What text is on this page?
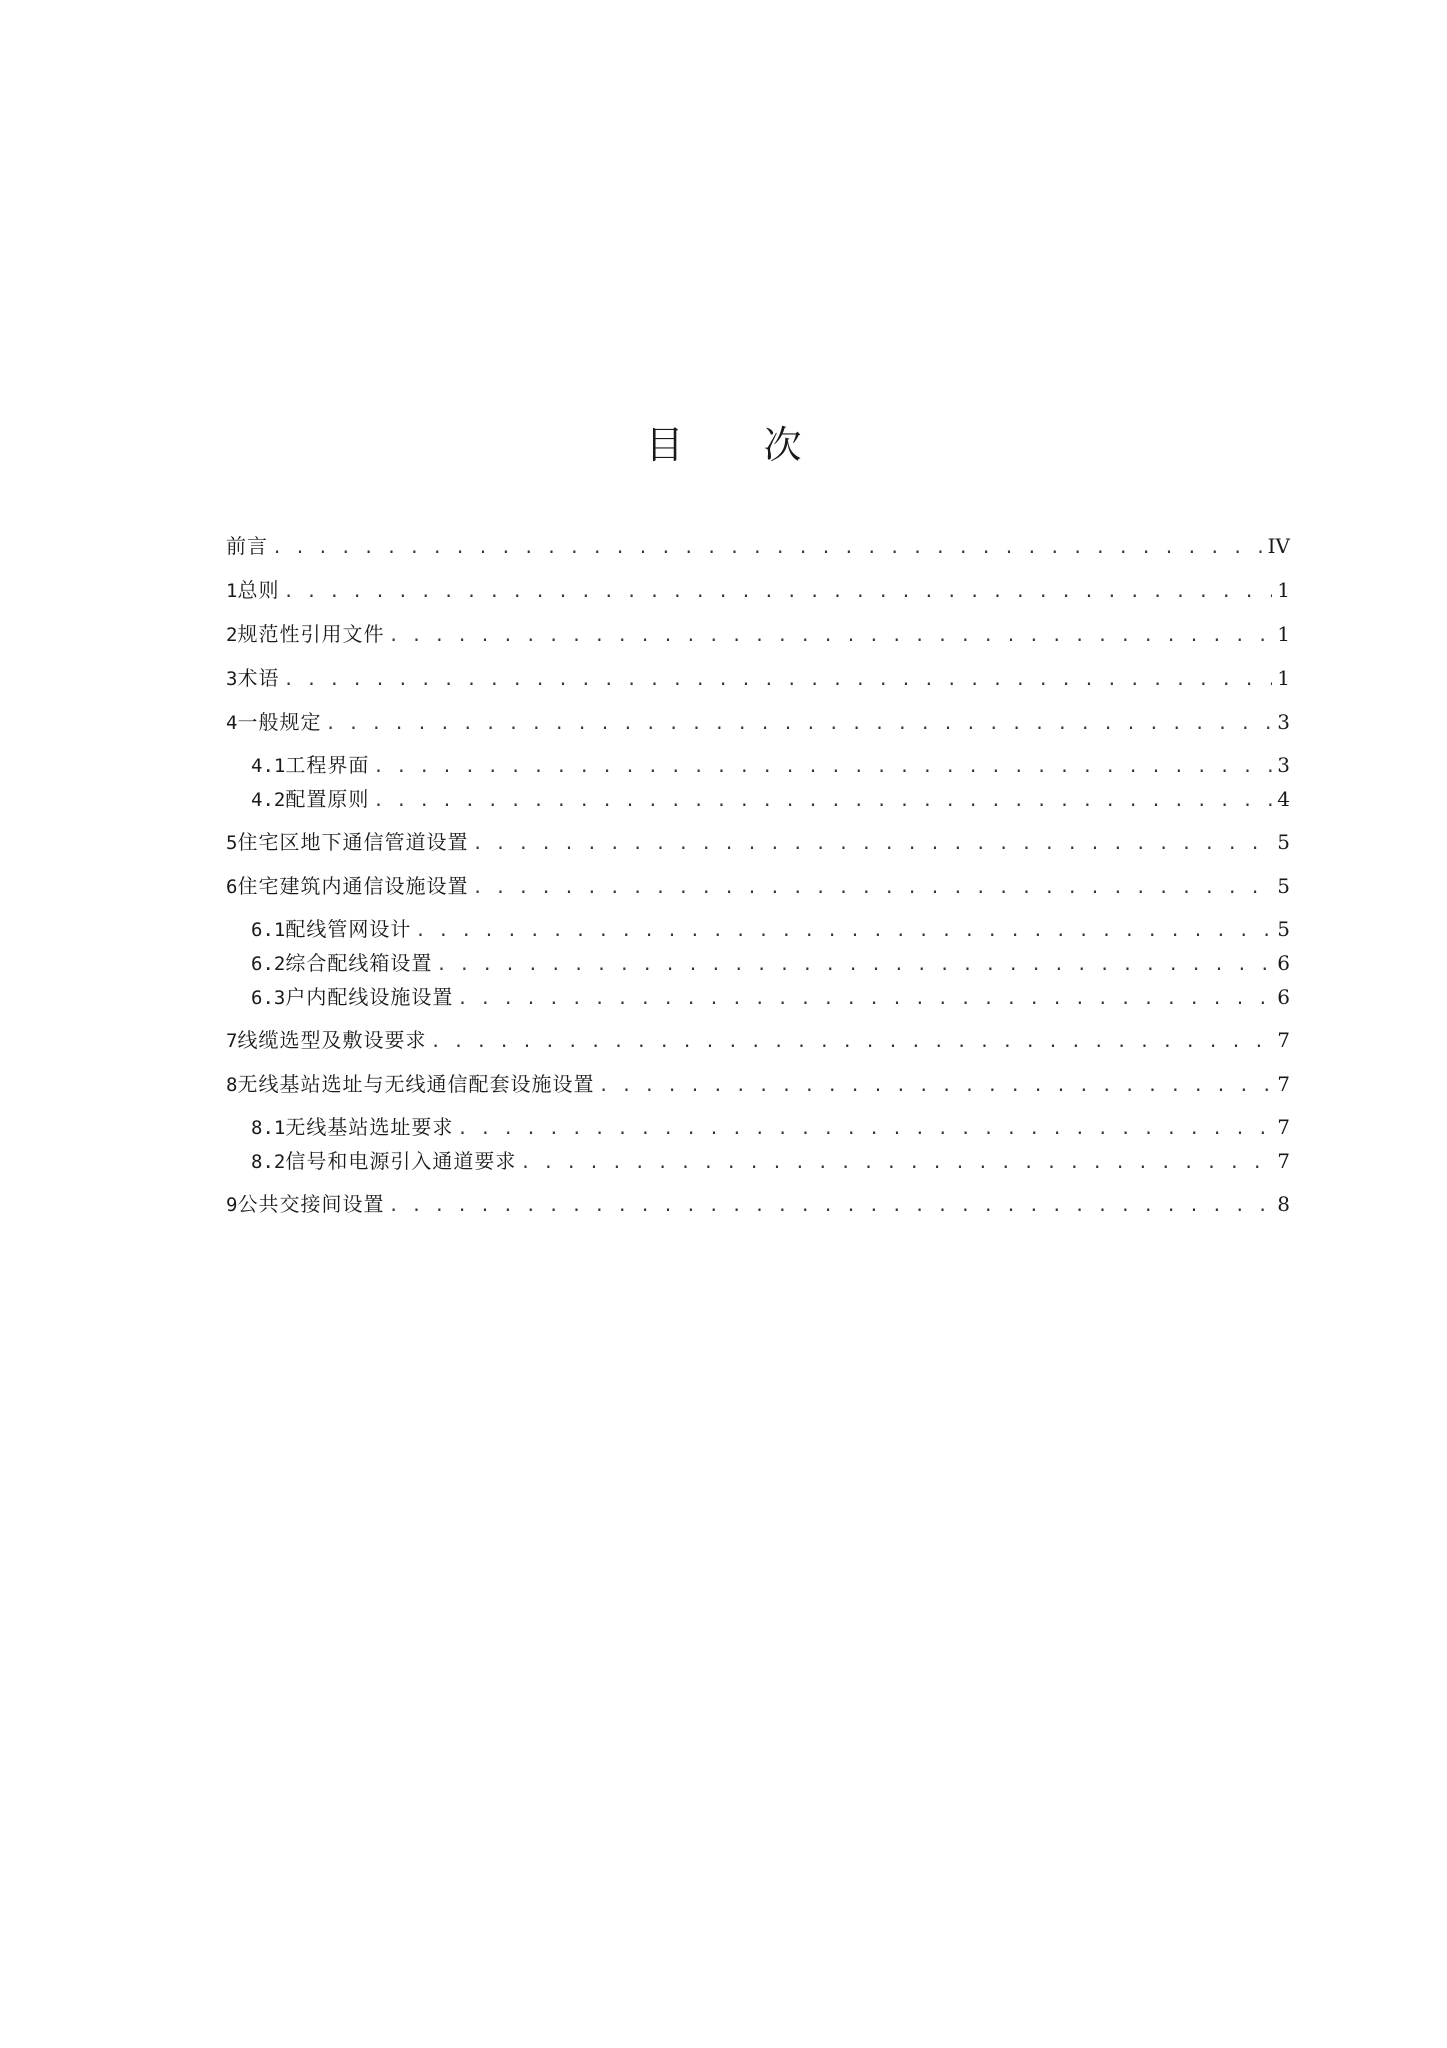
目 次
前言 . . .	IV
1 总则 . . .	1
2 规范性引用文件 . . .	1
3 术语 . . .	1
4 一般规定 . . .	3
4.1 工程界面 . . .	3
4.2 配置原则 . . .	4
5 住宅区地下通信管道设置 . . .	5
6 住宅建筑内通信设施设置 . . .	5
6.1 配线管网设计 . . .	5
6.2 综合配线箱设置 . . .	6
6.3 户内配线设施设置 . . .	6
7 线缆选型及敷设要求 . . .	7
8 无线基站选址与无线通信配套设施设置 . . .	7
8.1 无线基站选址要求 . . .	7
8.2 信号和电源引入通道要求 . . .	7
9 公共交接间设置 . . .	8
